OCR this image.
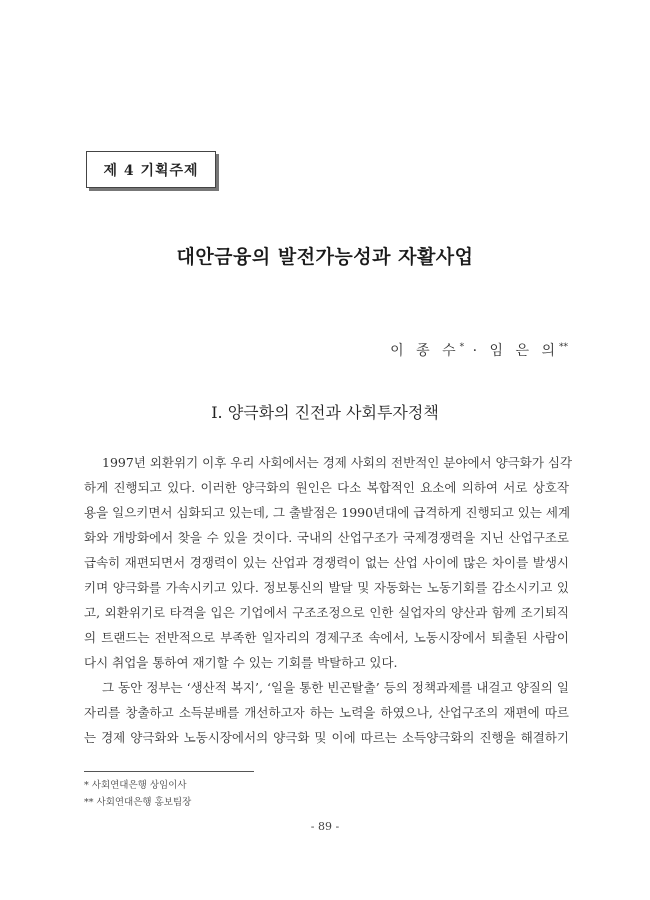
제 4 기획주제
대안금융의 발전가능성과 자활사업
이 종 수* · 임 은 의**
Ⅰ. 양극화의 진전과 사회투자정책
1997년 외환위기 이후 우리 사회에서는 경제 사회의 전반적인 분야에서 양극화가 심각
하게 진행되고 있다. 이러한 양극화의 원인은 다소 복합적인 요소에 의하여 서로 상호작
용을 일으키면서 심화되고 있는데, 그 출발점은 1990년대에 급격하게 진행되고 있는 세계
화와 개방화에서 찾을 수 있을 것이다. 국내의 산업구조가 국제경쟁력을 지닌 산업구조로
급속히 재편되면서 경쟁력이 있는 산업과 경쟁력이 없는 산업 사이에 많은 차이를 발생시
키며 양극화를 가속시키고 있다. 정보통신의 발달 및 자동화는 노동기회를 감소시키고 있
고, 외환위기로 타격을 입은 기업에서 구조조정으로 인한 실업자의 양산과 함께 조기퇴직
의 트랜드는 전반적으로 부족한 일자리의 경제구조 속에서, 노동시장에서 퇴출된 사람이
다시 취업을 통하여 재기할 수 있는 기회를 박탈하고 있다.
그 동안 정부는 ‘생산적 복지’, ‘일을 통한 빈곤탈출’ 등의 정책과제를 내걸고 양질의 일
자리를 창출하고 소득분배를 개선하고자 하는 노력을 하였으나, 산업구조의 재편에 따르
는 경제 양극화와 노동시장에서의 양극화 및 이에 따르는 소득양극화의 진행을 해결하기
* 사회연대은행 상임이사
** 사회연대은행 홍보팀장
- 89 -
